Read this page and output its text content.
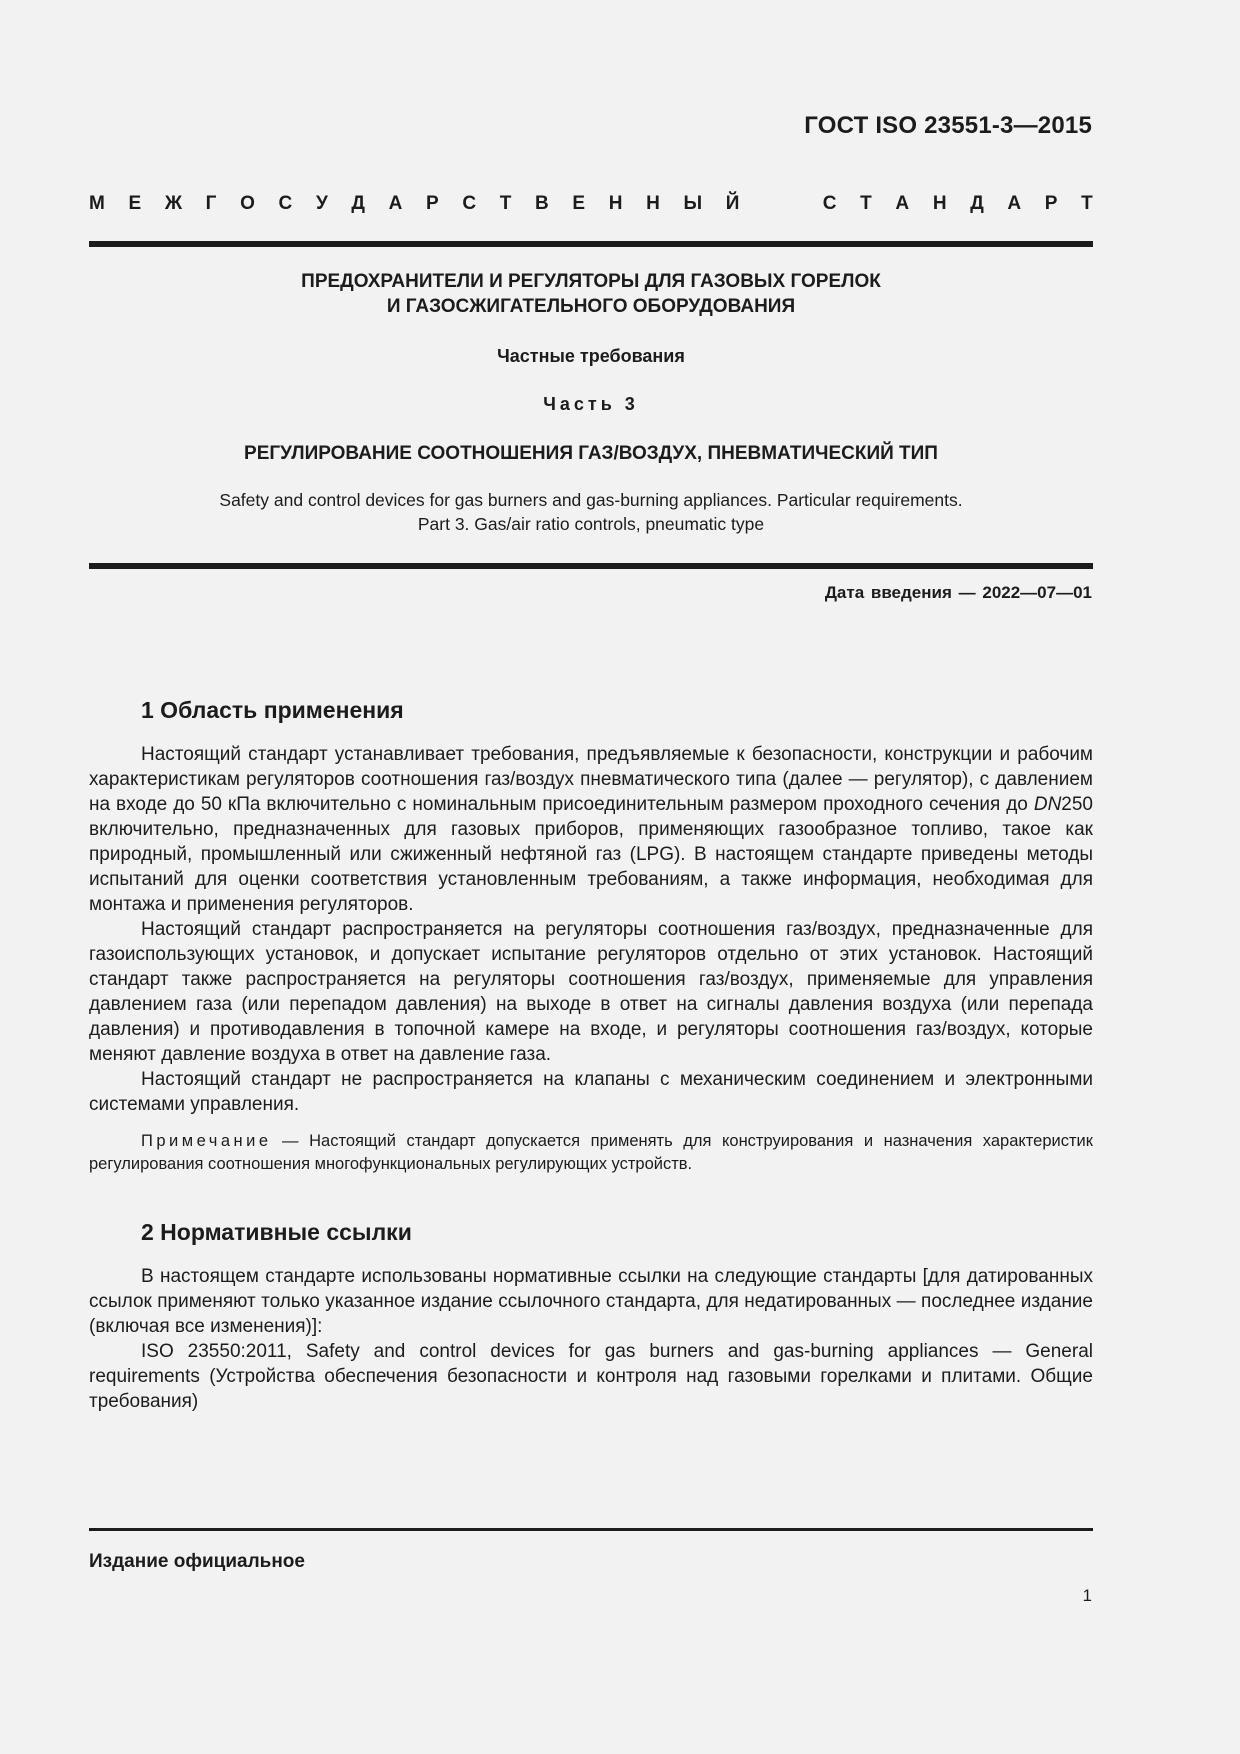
ГОСТ ISO 23551-3—2015
М Е Ж Г О С У Д А Р С Т В Е Н Н Ы Й	С Т А Н Д А Р Т
ПРЕДОХРАНИТЕЛИ И РЕГУЛЯТОРЫ ДЛЯ ГАЗОВЫХ ГОРЕЛОК
И ГАЗОСЖИГАТЕЛЬНОГО ОБОРУДОВАНИЯ
Частные требования
Часть 3
РЕГУЛИРОВАНИЕ СООТНОШЕНИЯ ГАЗ/ВОЗДУХ, ПНЕВМАТИЧЕСКИЙ ТИП
Safety and control devices for gas burners and gas-burning appliances. Particular requirements.
Part 3. Gas/air ratio controls, pneumatic type
Дата введения — 2022—07—01
1 Область применения

Настоящий стандарт устанавливает требования, предъявляемые к безопасности, конструкции и рабочим характеристикам регуляторов соотношения газ/воздух пневматического типа (далее — регулятор), с давлением на входе до 50 кПа включительно с номинальным присоединительным размером проходного сечения до DN250 включительно, предназначенных для газовых приборов, применяющих газообразное топливо, такое как природный, промышленный или сжиженный нефтяной газ (LPG). В настоящем стандарте приведены методы испытаний для оценки соответствия установленным требованиям, а также информация, необходимая для монтажа и применения регуляторов.

Настоящий стандарт распространяется на регуляторы соотношения газ/воздух, предназначенные для газоиспользующих установок, и допускает испытание регуляторов отдельно от этих установок. Настоящий стандарт также распространяется на регуляторы соотношения газ/воздух, применяемые для управления давлением газа (или перепадом давления) на выходе в ответ на сигналы давления воздуха (или перепада давления) и противодавления в топочной камере на входе, и регуляторы соотношения газ/воздух, которые меняют давление воздуха в ответ на давление газа.

Настоящий стандарт не распространяется на клапаны с механическим соединением и электронными системами управления.

Примечание — Настоящий стандарт допускается применять для конструирования и назначения характеристик регулирования соотношения многофункциональных регулирующих устройств.
2 Нормативные ссылки

В настоящем стандарте использованы нормативные ссылки на следующие стандарты [для датированных ссылок применяют только указанное издание ссылочного стандарта, для недатированных — последнее издание (включая все изменения)]:

ISO 23550:2011, Safety and control devices for gas burners and gas-burning appliances — General requirements (Устройства обеспечения безопасности и контроля над газовыми горелками и плитами. Общие требования)

Издание официальное
1
